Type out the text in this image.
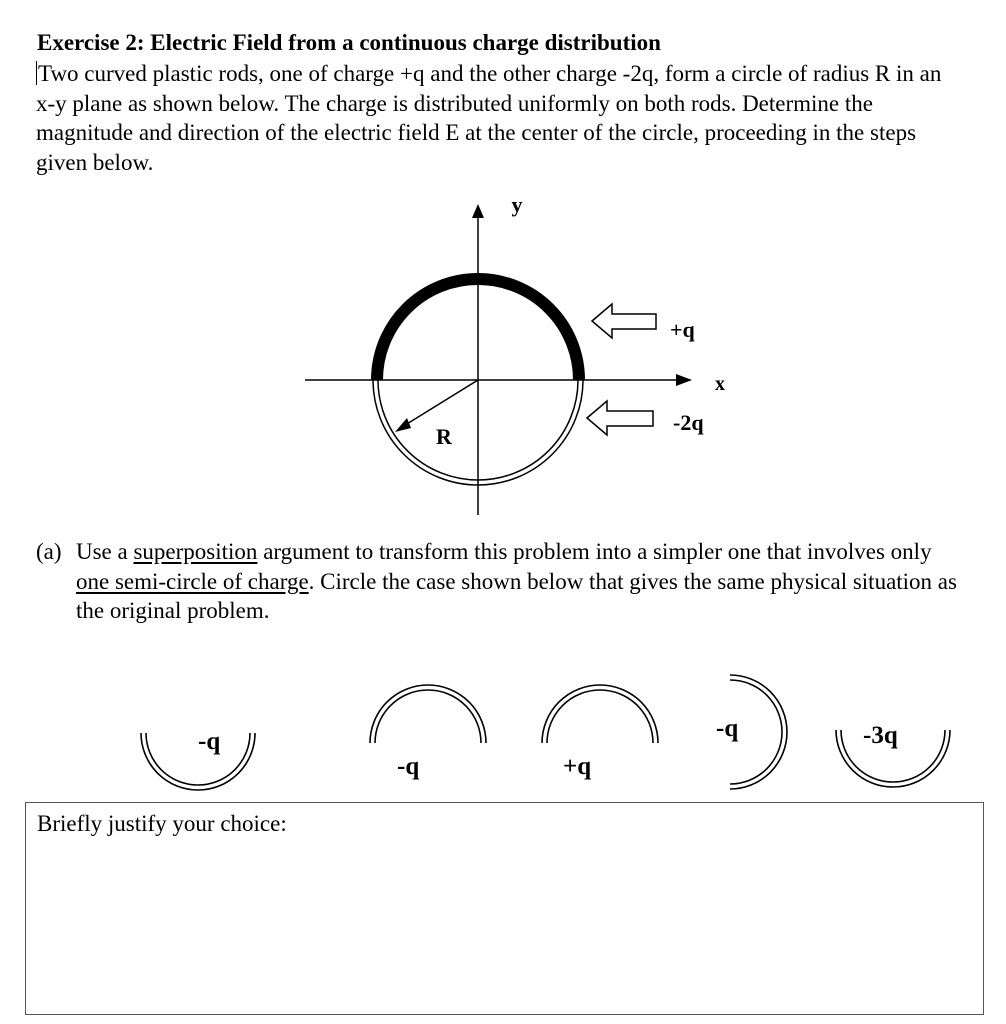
Exercise 2: Electric Field from a continuous charge distribution
Two curved plastic rods, one of charge +q and the other charge -2q, form a circle of radius R in an x-y plane as shown below. The charge is distributed uniformly on both rods. Determine the magnitude and direction of the electric field E at the center of the circle, proceeding in the steps given below.
y
x
R
+q
-2q
(a) Use a superposition argument to transform this problem into a simpler one that involves only one semi-circle of charge. Circle the case shown below that gives the same physical situation as the original problem.
-q
-q	+q
-q	-3q
Briefly justify your choice:
